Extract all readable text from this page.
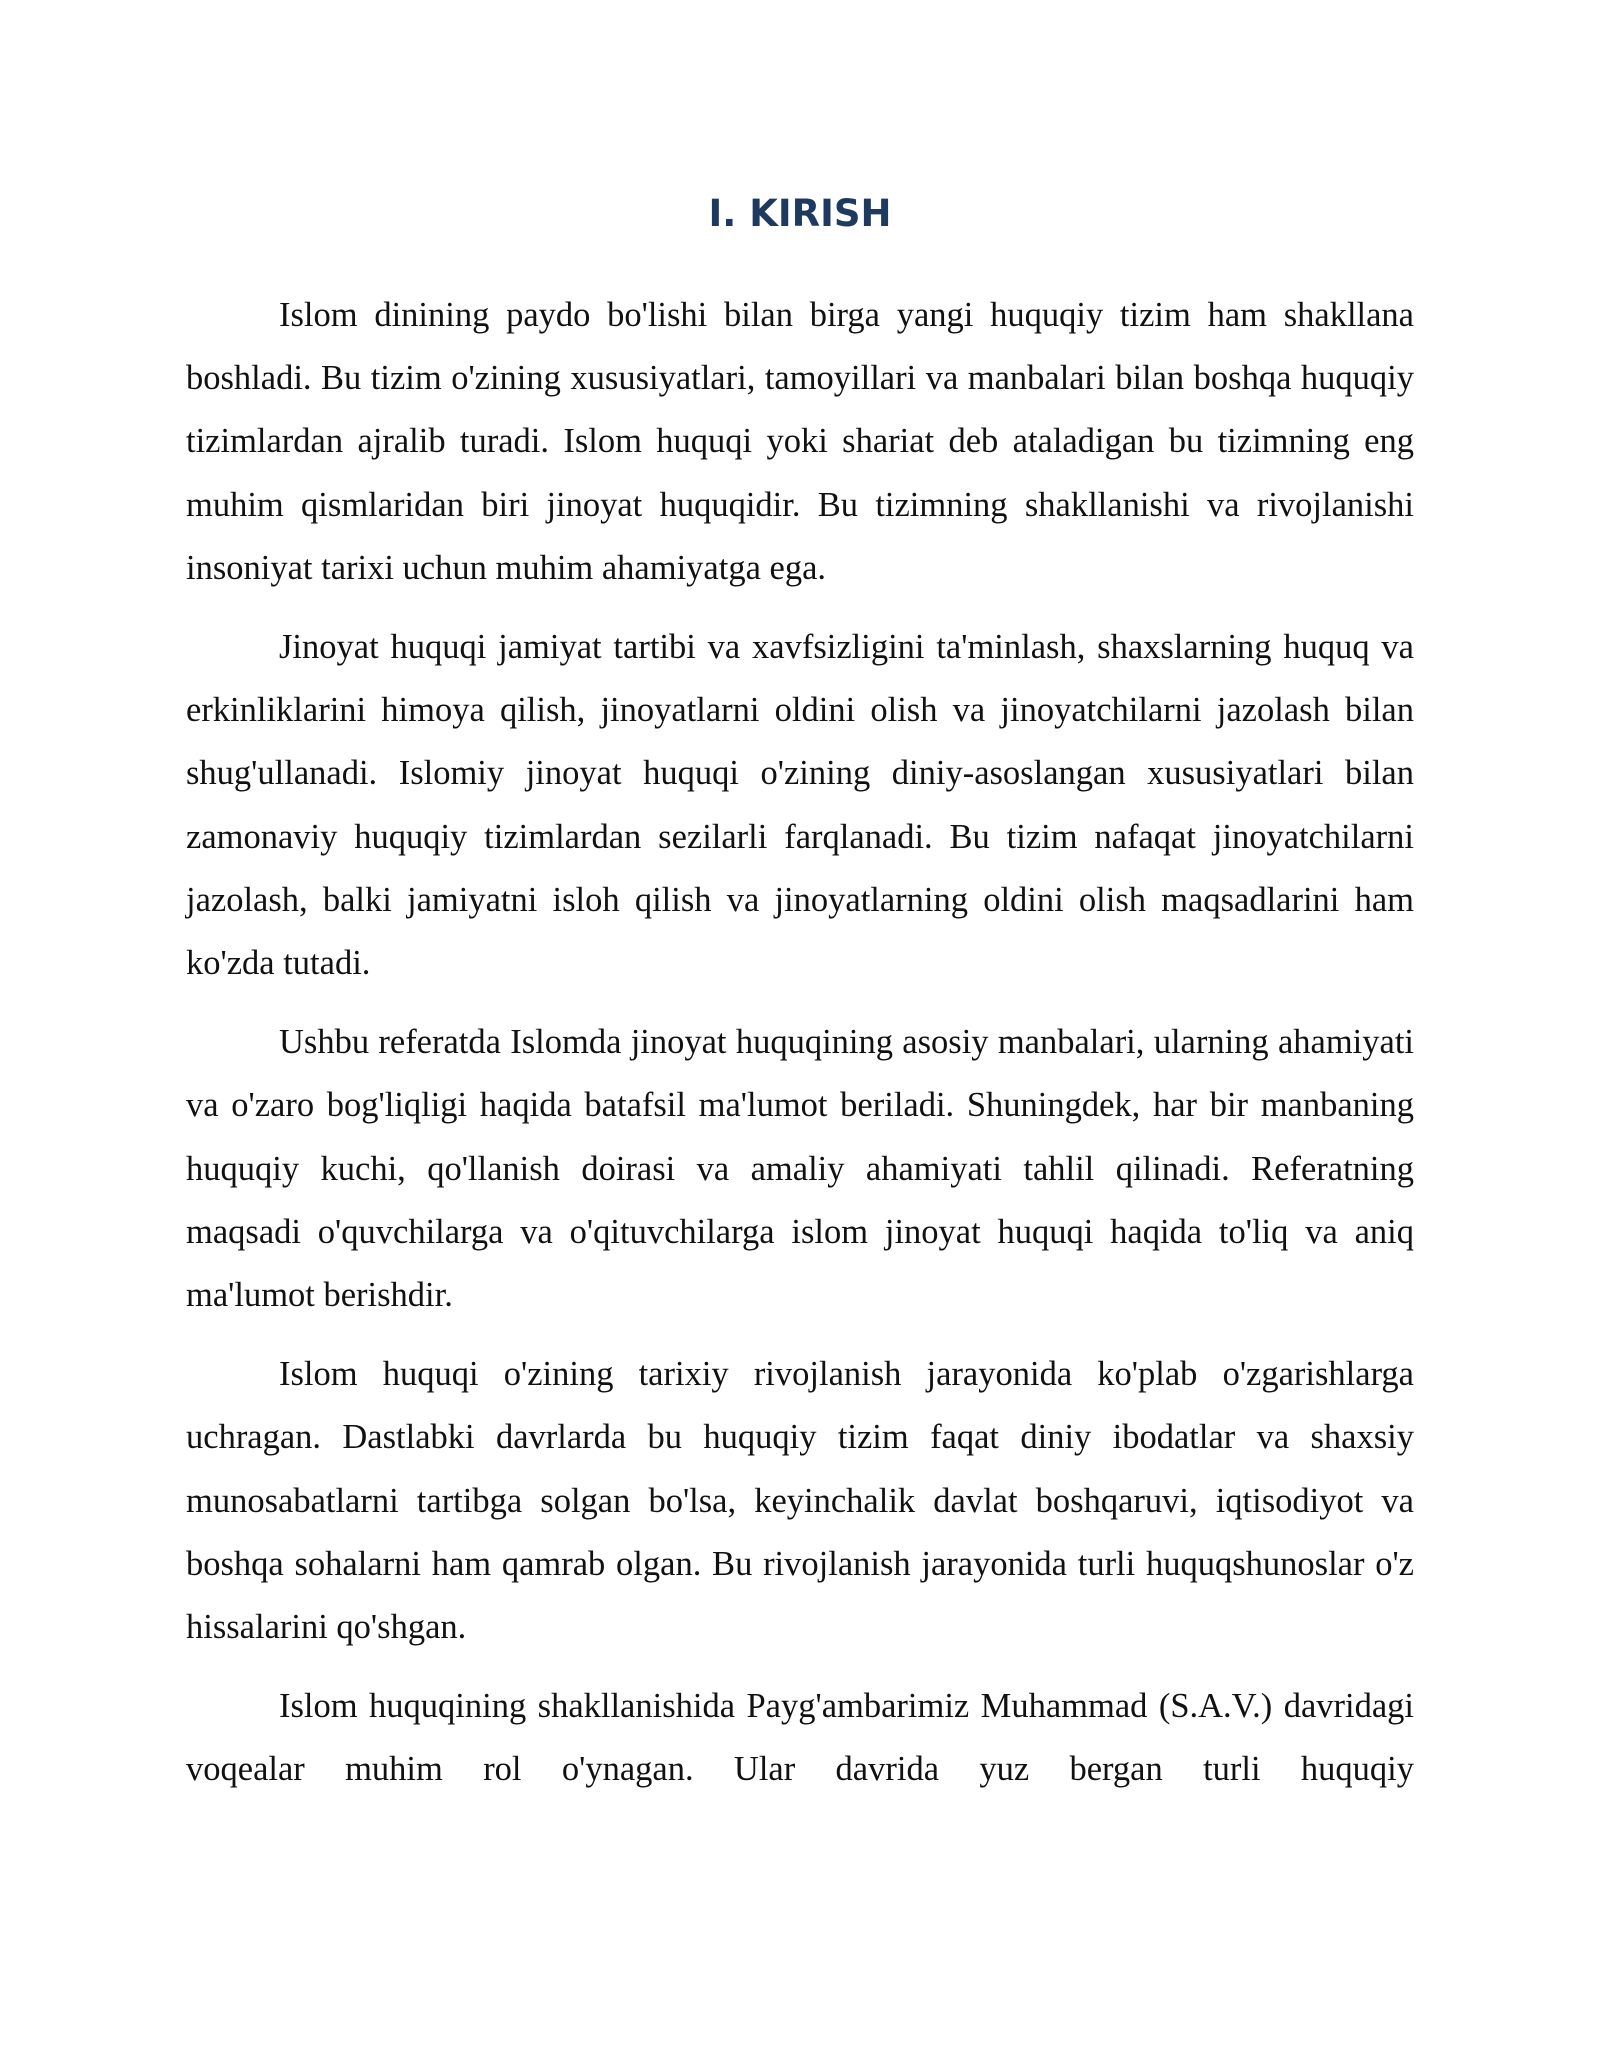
I. KIRISH

Islom dinining paydo bo'lishi bilan birga yangi huquqiy tizim ham shakllana boshladi. Bu tizim o'zining xususiyatlari, tamoyillari va manbalari bilan boshqa huquqiy tizimlardan ajralib turadi. Islom huquqi yoki shariat deb ataladigan bu tizimning eng muhim qismlaridan biri jinoyat huquqidir. Bu tizimning shakllanishi va rivojlanishi insoniyat tarixi uchun muhim ahamiyatga ega.

Jinoyat huquqi jamiyat tartibi va xavfsizligini ta'minlash, shaxslarning huquq va erkinliklarini himoya qilish, jinoyatlarni oldini olish va jinoyatchilarni jazolash bilan shug'ullanadi. Islomiy jinoyat huquqi o'zining diniy-asoslangan xususiyatlari bilan zamonaviy huquqiy tizimlardan sezilarli farqlanadi. Bu tizim nafaqat jinoyatchilarni jazolash, balki jamiyatni isloh qilish va jinoyatlarning oldini olish maqsadlarini ham ko'zda tutadi.

Ushbu referatda Islomda jinoyat huquqining asosiy manbalari, ularning ahamiyati va o'zaro bog'liqligi haqida batafsil ma'lumot beriladi. Shuningdek, har bir manbaning huquqiy kuchi, qo'llanish doirasi va amaliy ahamiyati tahlil qilinadi. Referatning maqsadi o'quvchilarga va o'qituvchilarga islom jinoyat huquqi haqida to'liq va aniq ma'lumot berishdir.

Islom huquqi o'zining tarixiy rivojlanish jarayonida ko'plab o'zgarishlarga uchragan. Dastlabki davrlarda bu huquqiy tizim faqat diniy ibodatlar va shaxsiy munosabatlarni tartibga solgan bo'lsa, keyinchalik davlat boshqaruvi, iqtisodiyot va boshqa sohalarni ham qamrab olgan. Bu rivojlanish jarayonida turli huquqshunoslar o'z hissalarini qo'shgan.

Islom huquqining shakllanishida Payg'ambarimiz Muhammad (S.A.V.) davridagi voqealar muhim rol o'ynagan. Ular davrida yuz bergan turli huquqiy
